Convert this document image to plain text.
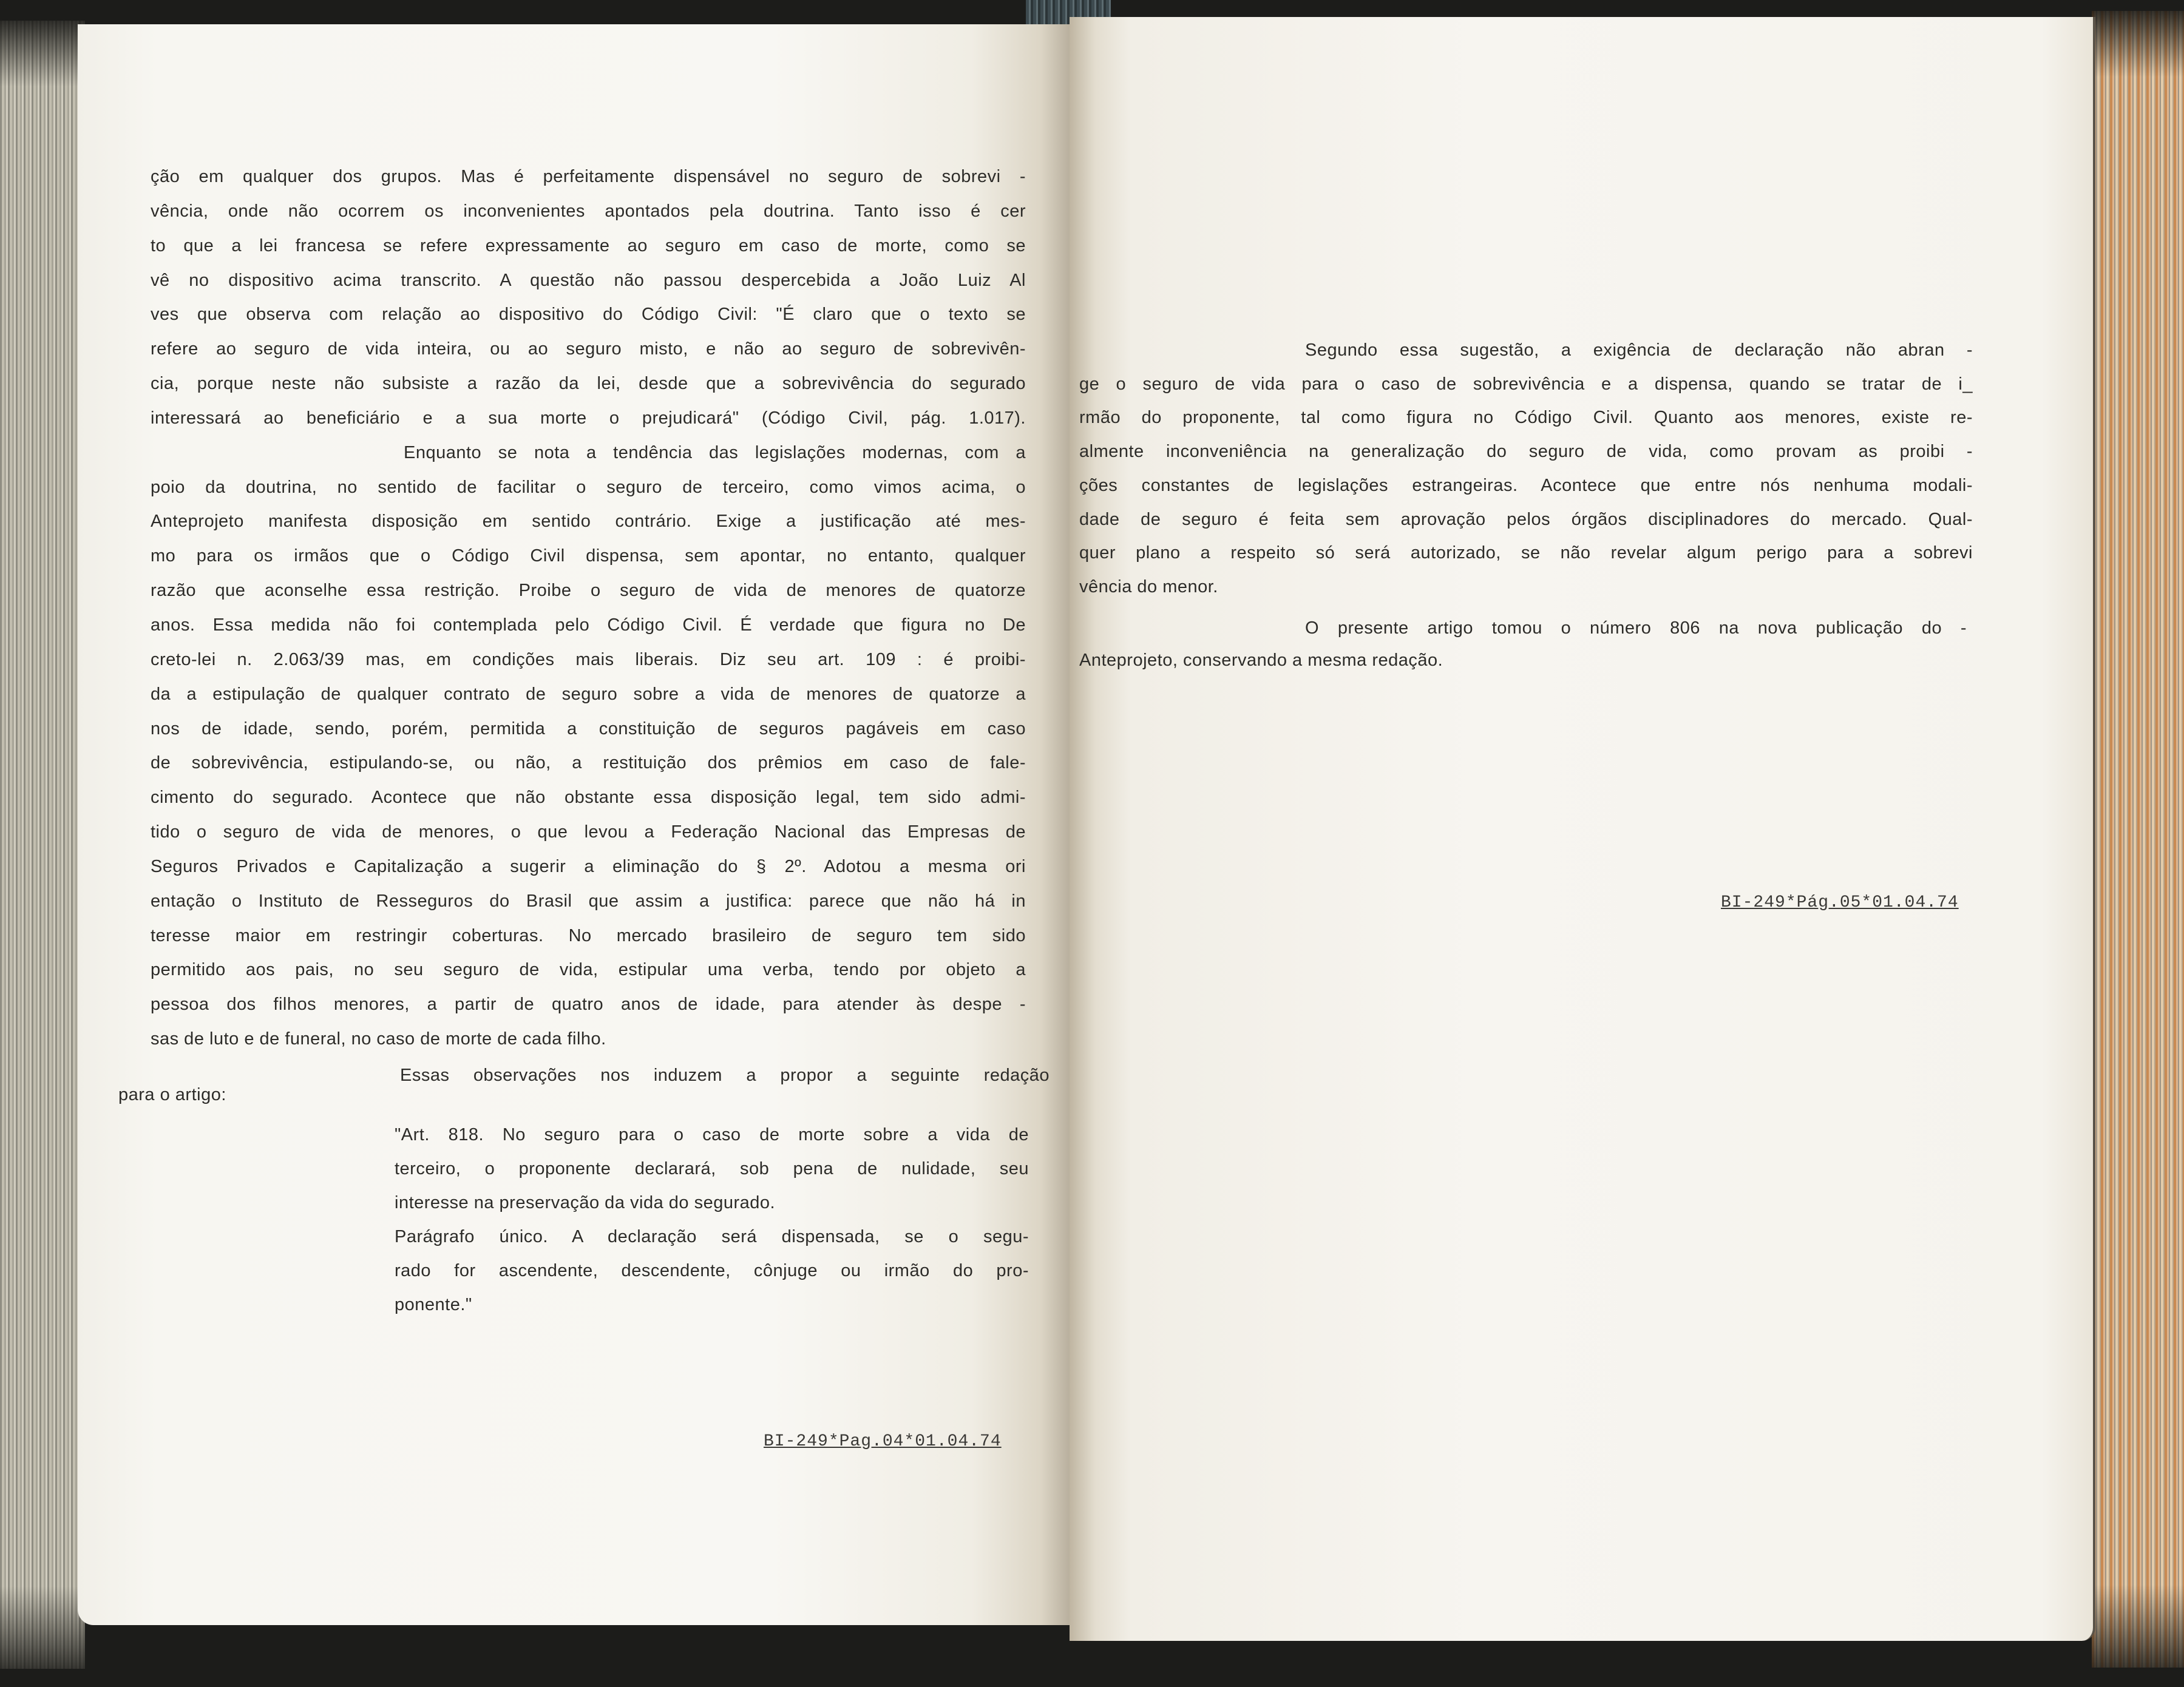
ção em qualquer dos grupos. Mas é perfeitamente dispensável no seguro de sobrevi -
vência, onde não ocorrem os inconvenientes apontados pela doutrina. Tanto isso é cer
to que a lei francesa se refere expressamente ao seguro em caso de morte, como se
vê no dispositivo acima transcrito. A questão não passou despercebida a João Luiz Al
ves que observa com relação ao dispositivo do Código Civil: "É claro que o texto se
refere ao seguro de vida inteira, ou ao seguro misto, e não ao seguro de sobrevivên-
cia, porque neste não subsiste a razão da lei, desde que a sobrevivência do segurado
interessará ao beneficiário e a sua morte o prejudicará" (Código Civil, pág. 1.017).
Enquanto se nota a tendência das legislações modernas, com a
poio da doutrina, no sentido de facilitar o seguro de terceiro, como vimos acima, o
Anteprojeto manifesta disposição em sentido contrário. Exige a justificação até mes-
mo para os irmãos que o Código Civil dispensa, sem apontar, no entanto, qualquer
razão que aconselhe essa restrição. Proibe o seguro de vida de menores de quatorze
anos. Essa medida não foi contemplada pelo Código Civil. É verdade que figura no De
creto-lei n. 2.063/39 mas, em condições mais liberais. Diz seu art. 109 : é proibi-
da a estipulação de qualquer contrato de seguro sobre a vida de menores de quatorze a
nos de idade, sendo, porém, permitida a constituição de seguros pagáveis em caso
de sobrevivência, estipulando-se, ou não, a restituição dos prêmios em caso de fale-
cimento do segurado. Acontece que não obstante essa disposição legal, tem sido admi-
tido o seguro de vida de menores, o que levou a Federação Nacional das Empresas de
Seguros Privados e Capitalização a sugerir a eliminação do § 2º. Adotou a mesma ori
entação o Instituto de Resseguros do Brasil que assim a justifica: parece que não há in
teresse maior em restringir coberturas. No mercado brasileiro de seguro tem sido
permitido aos pais, no seu seguro de vida, estipular uma verba, tendo por objeto a
pessoa dos filhos menores, a partir de quatro anos de idade, para atender às despe -
sas de luto e de funeral, no caso de morte de cada filho.
Essas observações nos induzem a propor a seguinte redação
para o artigo:
"Art. 818. No seguro para o caso de morte sobre a vida de
terceiro, o proponente declarará, sob pena de nulidade, seu
interesse na preservação da vida do segurado.
Parágrafo único. A declaração será dispensada, se o segu-
rado for ascendente, descendente, cônjuge ou irmão do pro-
ponente."
BI-249*Pag.04*01.04.74
Segundo essa sugestão, a exigência de declaração não abran -
ge o seguro de vida para o caso de sobrevivência e a dispensa, quando se tratar de i_
rmão do proponente, tal como figura no Código Civil. Quanto aos menores, existe re-
almente inconveniência na generalização do seguro de vida, como provam as proibi -
ções constantes de legislações estrangeiras. Acontece que entre nós nenhuma modali-
dade de seguro é feita sem aprovação pelos órgãos disciplinadores do mercado. Qual-
quer plano a respeito só será autorizado, se não revelar algum perigo para a sobrevi
vência do menor.
O presente artigo tomou o número 806 na nova publicação do -
Anteprojeto, conservando a mesma redação.
BI-249*Pág.05*01.04.74
